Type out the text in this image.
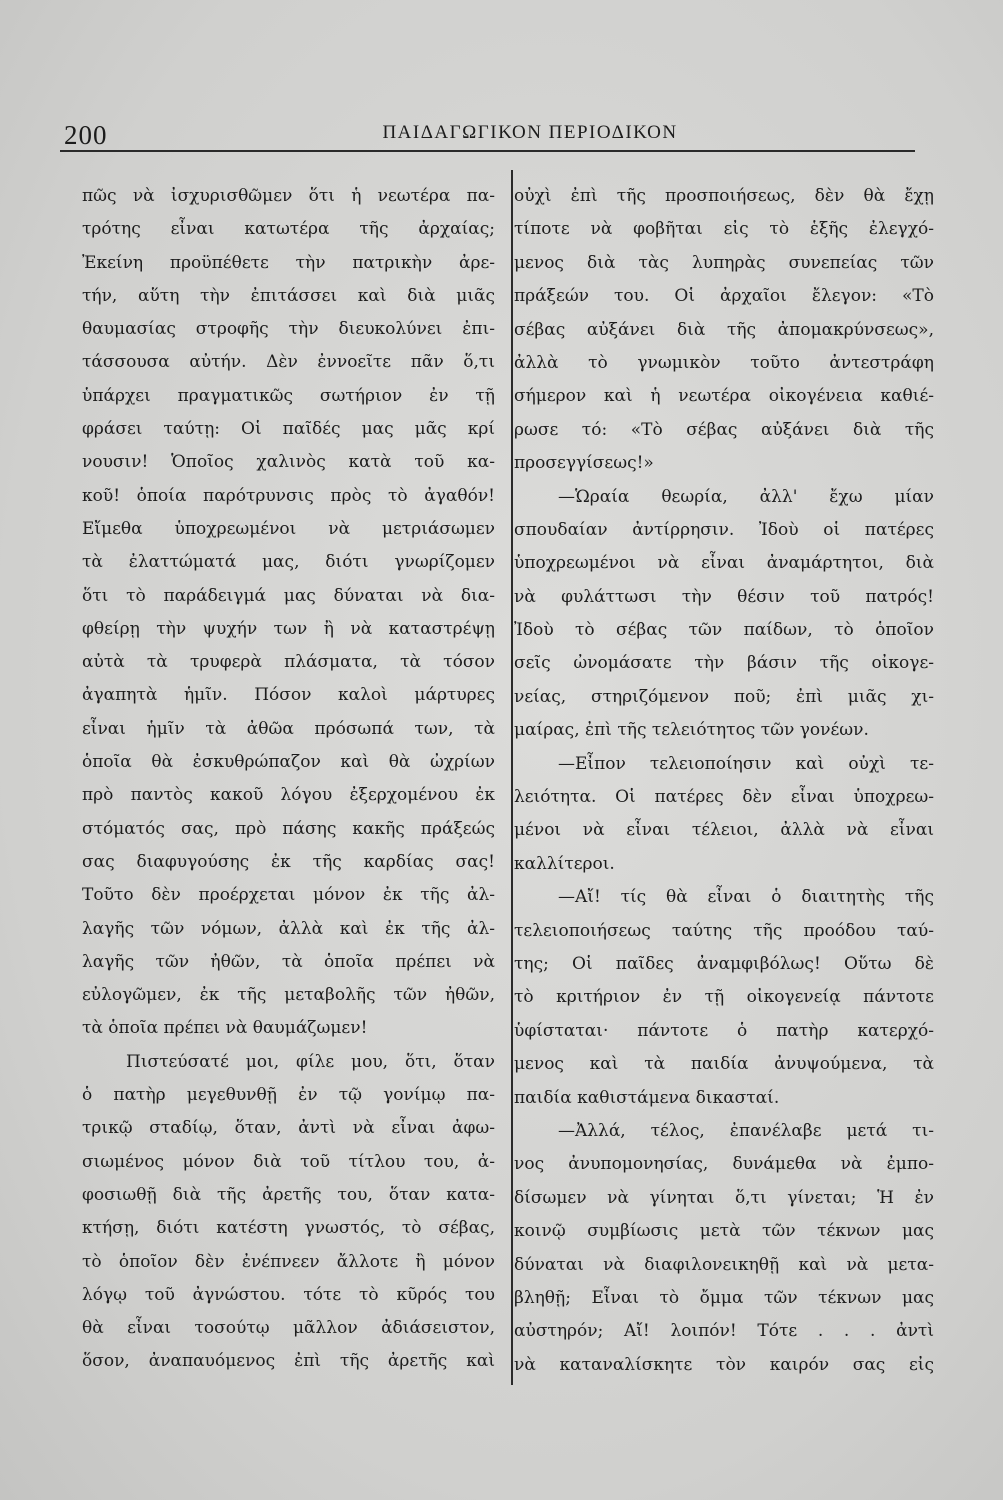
200	ΠΑΙΔΑΓΩΓΙΚΟΝ ΠΕΡΙΟΔΙΚΟΝ
πῶς νὰ ἰσχυρισθῶμεν ὅτι ἡ νεωτέρα πα-
τρότης εἶναι κατωτέρα τῆς ἀρχαίας;
Ἐκείνη προϋπέθετε τὴν πατρικὴν ἀρε-
τήν, αὕτη τὴν ἐπιτάσσει καὶ διὰ μιᾶς
θαυμασίας στροφῆς τὴν διευκολύνει ἐπι-
τάσσουσα αὐτήν. Δὲν ἐννοεῖτε πᾶν ὅ,τι
ὑπάρχει πραγματικῶς σωτήριον ἐν τῇ
φράσει ταύτῃ: Οἱ παῖδές μας μᾶς κρί
νουσιν! Ὁποῖος χαλινὸς κατὰ τοῦ κα-
κοῦ! ὁποία παρότρυνσις πρὸς τὸ ἀγαθόν!
Εἴμεθα ὑποχρεωμένοι νὰ μετριάσωμεν
τὰ ἐλαττώματά μας, διότι γνωρίζομεν
ὅτι τὸ παράδειγμά μας δύναται νὰ δια-
φθείρῃ τὴν ψυχήν των ἢ νὰ καταστρέψῃ
αὐτὰ τὰ τρυφερὰ πλάσματα, τὰ τόσον
ἀγαπητὰ ἡμῖν. Πόσον καλοὶ μάρτυρες
εἶναι ἡμῖν τὰ ἀθῶα πρόσωπά των, τὰ
ὁποῖα θὰ ἐσκυθρώπαζον καὶ θὰ ὠχρίων
πρὸ παντὸς κακοῦ λόγου ἐξερχομένου ἐκ
στόματός σας, πρὸ πάσης κακῆς πράξεώς
σας διαφυγούσης ἐκ τῆς καρδίας σας!
Τοῦτο δὲν προέρχεται μόνον ἐκ τῆς ἀλ-
λαγῆς τῶν νόμων, ἀλλὰ καὶ ἐκ τῆς ἀλ-
λαγῆς τῶν ἠθῶν, τὰ ὁποῖα πρέπει νὰ
εὐλογῶμεν, ἐκ τῆς μεταβολῆς τῶν ἠθῶν,
τὰ ὁποῖα πρέπει νὰ θαυμάζωμεν!
Πιστεύσατέ μοι, φίλε μου, ὅτι, ὅταν
ὁ πατὴρ μεγεθυνθῇ ἐν τῷ γονίμῳ πα-
τρικῷ σταδίῳ, ὅταν, ἀντὶ νὰ εἶναι ἀφω-
σιωμένος μόνον διὰ τοῦ τίτλου του, ἀ-
φοσιωθῇ διὰ τῆς ἀρετῆς του, ὅταν κατα-
κτήσῃ, διότι κατέστη γνωστός, τὸ σέβας,
τὸ ὁποῖον δὲν ἐνέπνεεν ἄλλοτε ἢ μόνον
λόγῳ τοῦ ἀγνώστου. τότε τὸ κῦρός του
θὰ εἶναι τοσούτῳ μᾶλλον ἀδιάσειστον,
ὅσον, ἀναπαυόμενος ἐπὶ τῆς ἀρετῆς καὶ
οὐχὶ ἐπὶ τῆς προσποιήσεως, δὲν θὰ ἔχῃ
τίποτε νὰ φοβῆται εἰς τὸ ἑξῆς ἐλεγχό-
μενος διὰ τὰς λυπηρὰς συνεπείας τῶν
πράξεών του. Οἱ ἀρχαῖοι ἔλεγον: «Τὸ
σέβας αὐξάνει διὰ τῆς ἀπομακρύνσεως»,
ἀλλὰ τὸ γνωμικὸν τοῦτο ἀντεστράφη
σήμερον καὶ ἡ νεωτέρα οἰκογένεια καθιέ-
ρωσε τό: «Τὸ σέβας αὐξάνει διὰ τῆς
προσεγγίσεως!»
—Ὡραία θεωρία, ἀλλ' ἔχω μίαν
σπουδαίαν ἀντίρρησιν. Ἰδοὺ οἱ πατέρες
ὑποχρεωμένοι νὰ εἶναι ἀναμάρτητοι, διὰ
νὰ φυλάττωσι τὴν θέσιν τοῦ πατρός!
Ἰδοὺ τὸ σέβας τῶν παίδων, τὸ ὁποῖον
σεῖς ὠνομάσατε τὴν βάσιν τῆς οἰκογε-
νείας, στηριζόμενον ποῦ; ἐπὶ μιᾶς χι-
μαίρας, ἐπὶ τῆς τελειότητος τῶν γονέων.
—Εἶπον τελειοποίησιν καὶ οὐχὶ τε-
λειότητα. Οἱ πατέρες δὲν εἶναι ὑποχρεω-
μένοι νὰ εἶναι τέλειοι, ἀλλὰ νὰ εἶναι
καλλίτεροι.
—Αἴ! τίς θὰ εἶναι ὁ διαιτητὴς τῆς
τελειοποιήσεως ταύτης τῆς προόδου ταύ-
της; Οἱ παῖδες ἀναμφιβόλως! Οὕτω δὲ
τὸ κριτήριον ἐν τῇ οἰκογενείᾳ πάντοτε
ὑφίσταται· πάντοτε ὁ πατὴρ κατερχό-
μενος καὶ τὰ παιδία ἀνυψούμενα, τὰ
παιδία καθιστάμενα δικασταί.
—Ἀλλά, τέλος, ἐπανέλαβε μετά τι-
νος ἀνυπομονησίας, δυνάμεθα νὰ ἐμπο-
δίσωμεν νὰ γίνηται ὅ,τι γίνεται; Ἡ ἐν
κοινῷ συμβίωσις μετὰ τῶν τέκνων μας
δύναται νὰ διαφιλονεικηθῇ καὶ νὰ μετα-
βληθῇ; Εἶναι τὸ ὄμμα τῶν τέκνων μας
αὐστηρόν; Αἴ! λοιπόν! Τότε . . . ἀντὶ
νὰ καταναλίσκητε τὸν καιρόν σας εἰς
